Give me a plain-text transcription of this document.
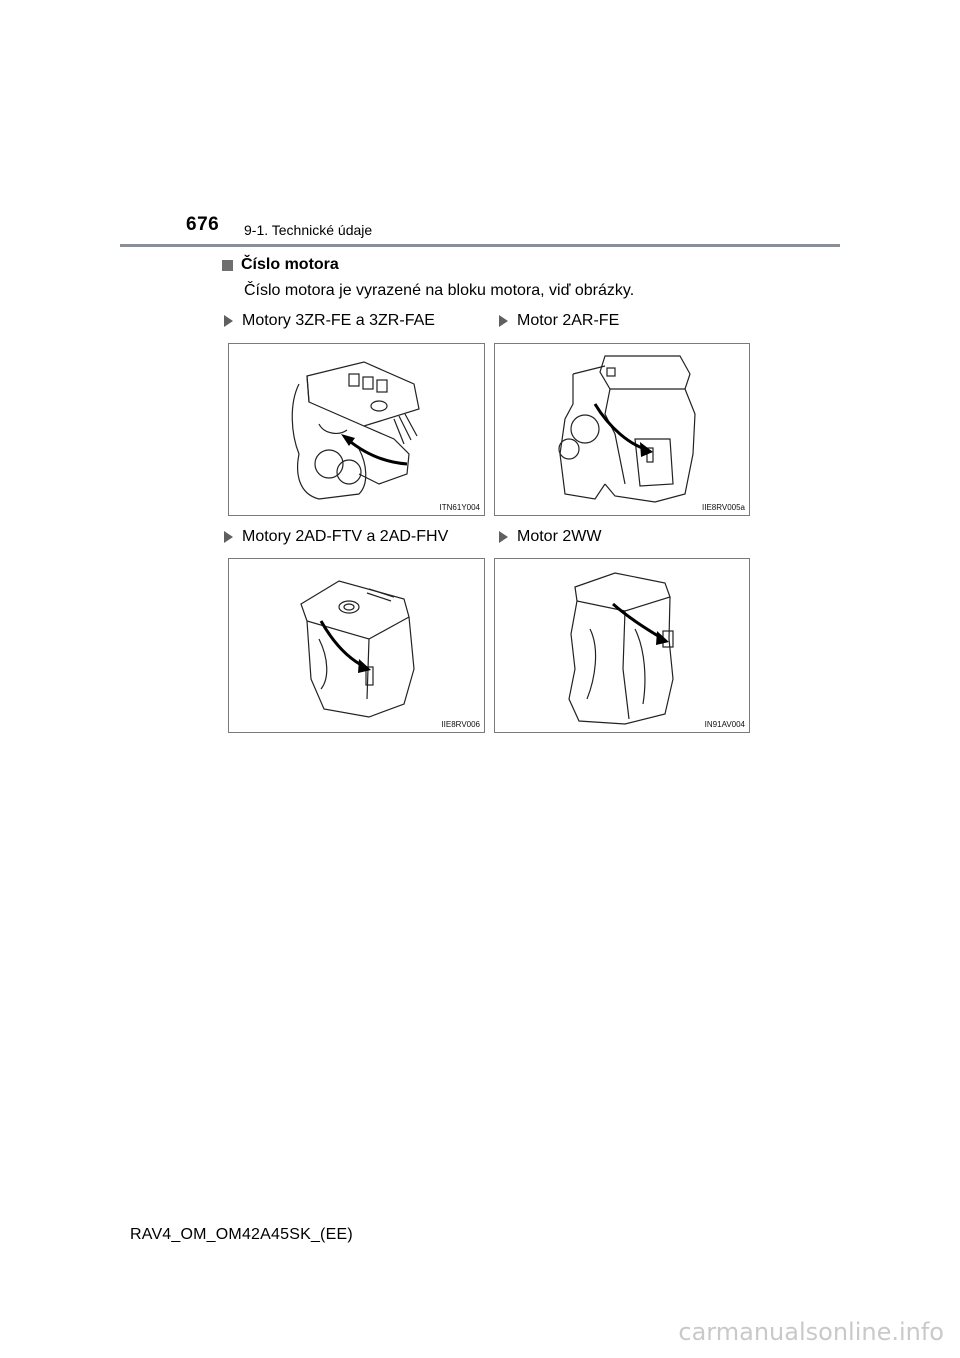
676 9-1. Technické údaje
Číslo motora
Číslo motora je vyrazené na bloku motora, viď obrázky.
Motory 3ZR-FE a 3ZR-FAE	Motor 2AR-FE
Motory 2AD-FTV a 2AD-FHV	Motor 2WW
ITN61Y004	IIE8RV005a
IIE8RV006	IN91AV004
RAV4_OM_OM42A45SK_(EE)
carmanualsonline.info
